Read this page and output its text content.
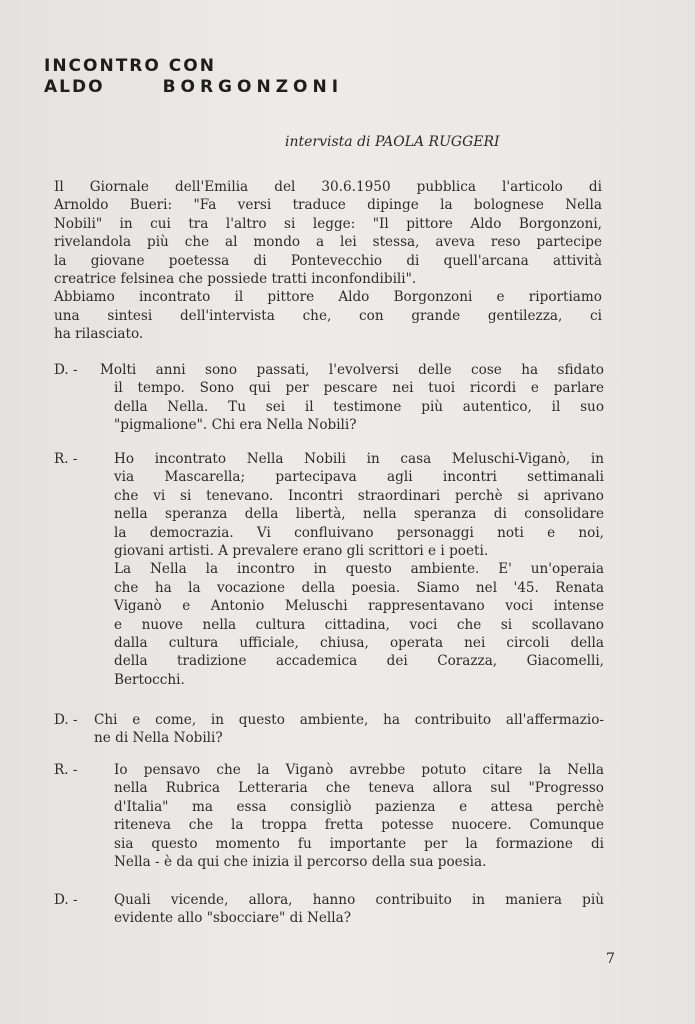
INCONTRO CON
ALDO	BORGONZONI
intervista di PAOLA RUGGERI
Il Giornale dell'Emilia del 30.6.1950 pubblica l'articolo di
Arnoldo Bueri: "Fa versi traduce dipinge la bolognese Nella
Nobili" in cui tra l'altro si legge: "Il pittore Aldo Borgonzoni,
rivelandola più che al mondo a lei stessa, aveva reso partecipe
la giovane poetessa di Pontevecchio di quell'arcana attività
creatrice felsinea che possiede tratti inconfondibili".
Abbiamo incontrato il pittore Aldo Borgonzoni e riportiamo
una sintesi dell'intervista che, con grande gentilezza, ci
ha rilasciato.
D. -	Molti anni sono passati, l'evolversi delle cose ha sfidato
il tempo. Sono qui per pescare nei tuoi ricordi e parlare
della Nella. Tu sei il testimone più autentico, il suo
"pigmalione". Chi era Nella Nobili?
R. -	Ho incontrato Nella Nobili in casa Meluschi-Viganò, in
via Mascarella; partecipava agli incontri settimanali
che vi si tenevano. Incontri straordinari perchè si aprivano
nella speranza della libertà, nella speranza di consolidare
la democrazia. Vi confluivano personaggi noti e noi,
giovani artisti. A prevalere erano gli scrittori e i poeti.
La Nella la incontro in questo ambiente. E' un'operaia
che ha la vocazione della poesia. Siamo nel '45. Renata
Viganò e Antonio Meluschi rappresentavano voci intense
e nuove nella cultura cittadina, voci che si scollavano
dalla cultura ufficiale, chiusa, operata nei circoli della
della tradizione accademica dei Corazza, Giacomelli,
Bertocchi.
D. -	Chi e come, in questo ambiente, ha contribuito all'affermazio-
ne di Nella Nobili?
R. -	Io pensavo che la Viganò avrebbe potuto citare la Nella
nella Rubrica Letteraria che teneva allora sul "Progresso
d'Italia" ma essa consigliò pazienza e attesa perchè
riteneva che la troppa fretta potesse nuocere. Comunque
sia questo momento fu importante per la formazione di
Nella - è da qui che inizia il percorso della sua poesia.
D. -	Quali vicende, allora, hanno contribuito in maniera più
evidente allo "sbocciare" di Nella?
7
